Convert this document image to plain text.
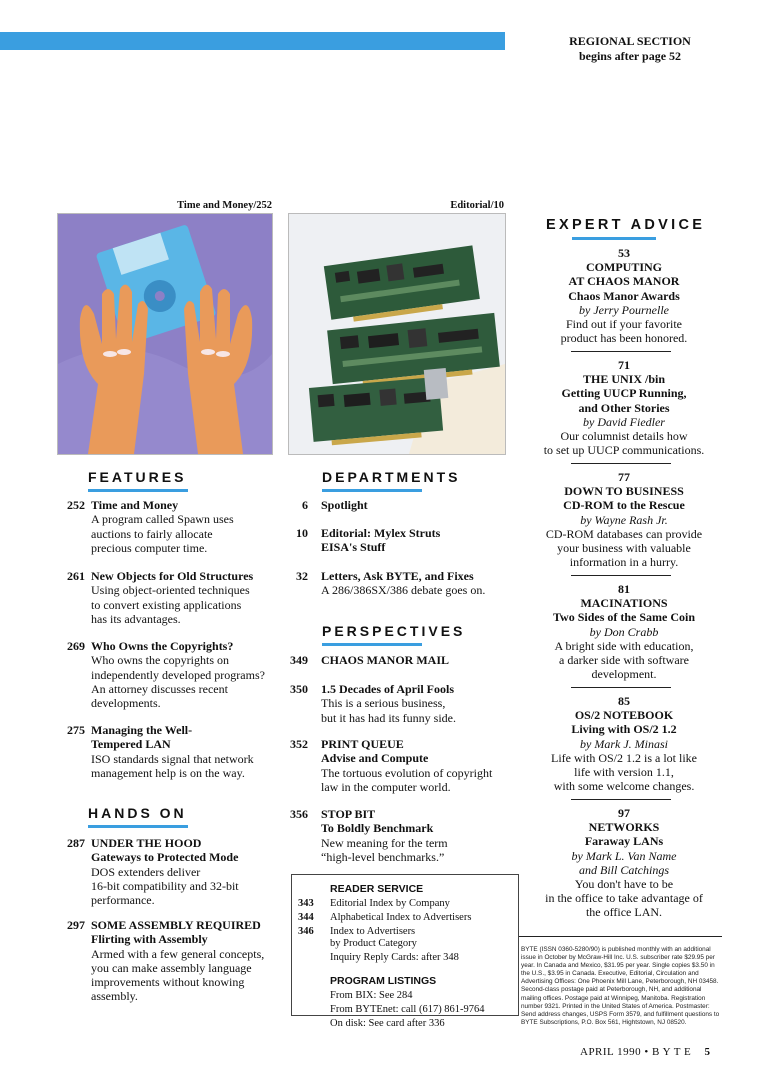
REGIONAL SECTION
begins after page 52
Time and Money/252	Editorial/10
FEATURES
252 Time and Money
A program called Spawn uses
auctions to fairly allocate
precious computer time.
261 New Objects for Old Structures
Using object-oriented techniques
to convert existing applications
has its advantages.
269 Who Owns the Copyrights?
Who owns the copyrights on
independently developed programs?
An attorney discusses recent
developments.
275 Managing the Well-
Tempered LAN
ISO standards signal that network
management help is on the way.
HANDS ON
287 UNDER THE HOOD
Gateways to Protected Mode
DOS extenders deliver
16-bit compatibility and 32-bit
performance.
297 SOME ASSEMBLY REQUIRED
Flirting with Assembly
Armed with a few general concepts,
you can make assembly language
improvements without knowing
assembly.
DEPARTMENTS
6 Spotlight
10 Editorial: Mylex Struts
EISA's Stuff
32 Letters, Ask BYTE, and Fixes
A 286/386SX/386 debate goes on.
PERSPECTIVES
349 CHAOS MANOR MAIL
350 1.5 Decades of April Fools
This is a serious business,
but it has had its funny side.
352 PRINT QUEUE
Advise and Compute
The tortuous evolution of copyright
law in the computer world.
356 STOP BIT
To Boldly Benchmark
New meaning for the term
“high-level benchmarks.”
READER SERVICE
343	Editorial Index by Company
344	Alphabetical Index to Advertisers
346	Index to Advertisers
by Product Category
Inquiry Reply Cards: after 348
PROGRAM LISTINGS
From BIX: See 284
From BYTEnet: call (617) 861-9764
On disk: See card after 336
EXPERT ADVICE
53
COMPUTING
AT CHAOS MANOR
Chaos Manor Awards
by Jerry Pournelle
Find out if your favorite
product has been honored.
71
THE UNIX /bin
Getting UUCP Running,
and Other Stories
by David Fiedler
Our columnist details how
to set up UUCP communications.
77
DOWN TO BUSINESS
CD-ROM to the Rescue
by Wayne Rash Jr.
CD-ROM databases can provide
your business with valuable
information in a hurry.
81
MACINATIONS
Two Sides of the Same Coin
by Don Crabb
A bright side with education,
a darker side with software
development.
85
OS/2 NOTEBOOK
Living with OS/2 1.2
by Mark J. Minasi
Life with OS/2 1.2 is a lot like
life with version 1.1,
with some welcome changes.
97
NETWORKS
Faraway LANs
by Mark L. Van Name
and Bill Catchings
You don't have to be
in the office to take advantage of
the office LAN.
BYTE (ISSN 0360-5280/90) is published monthly with an additional issue in October by McGraw-Hill Inc. U.S. subscriber rate $29.95 per year. In Canada and Mexico, $31.95 per year. Single copies $3.50 in the U.S., $3.95 in Canada. Executive, Editorial, Circulation and Advertising Offices: One Phoenix Mill Lane, Peterborough, NH 03458. Second-class postage paid at Peterborough, NH, and additional mailing offices. Postage paid at Winnipeg, Manitoba. Registration number 9321. Printed in the United States of America. Postmaster: Send address changes, USPS Form 3579, and fulfillment questions to BYTE Subscriptions, P.O. Box 561, Hightstown, NJ 08520.
APRIL 1990 • B Y T E 5
